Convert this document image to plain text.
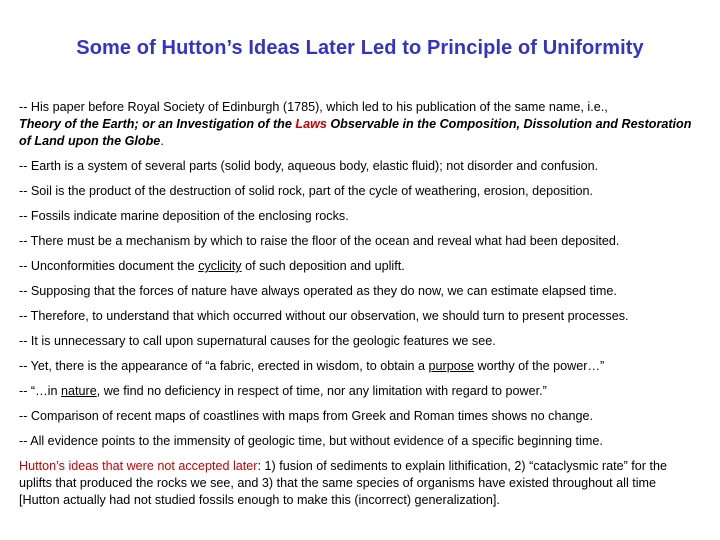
Some of Hutton’s Ideas Later Led to Principle of Uniformity

-- His paper before Royal Society of Edinburgh (1785), which led to his publication of the same name, i.e.,
Theory of the Earth; or an Investigation of the Laws Observable in the Composition, Dissolution and Restoration of Land upon the Globe.

-- Earth is a system of several parts (solid body, aqueous body, elastic fluid); not disorder and confusion.

-- Soil is the product of the destruction of solid rock, part of the cycle of weathering, erosion, deposition.

-- Fossils indicate marine deposition of the enclosing rocks.

-- There must be a mechanism by which to raise the floor of the ocean and reveal what had been deposited.

-- Unconformities document the cyclicity of such deposition and uplift.

-- Supposing that the forces of nature have always operated as they do now, we can estimate elapsed time.

-- Therefore, to understand that which occurred without our observation, we should turn to present processes.

-- It is unnecessary to call upon supernatural causes for the geologic features we see.

-- Yet, there is the appearance of “a fabric, erected in wisdom, to obtain a purpose worthy of the power…”

-- “…in nature, we find no deficiency in respect of time, nor any limitation with regard to power.”

-- Comparison of recent maps of coastlines with maps from Greek and Roman times shows no change.

-- All evidence points to the immensity of geologic time, but without evidence of a specific beginning time.

Hutton’s ideas that were not accepted later: 1) fusion of sediments to explain lithification, 2) “cataclysmic rate” for the uplifts that produced the rocks we see, and 3) that the same species of organisms have existed throughout all time [Hutton actually had not studied fossils enough to make this (incorrect) generalization].
